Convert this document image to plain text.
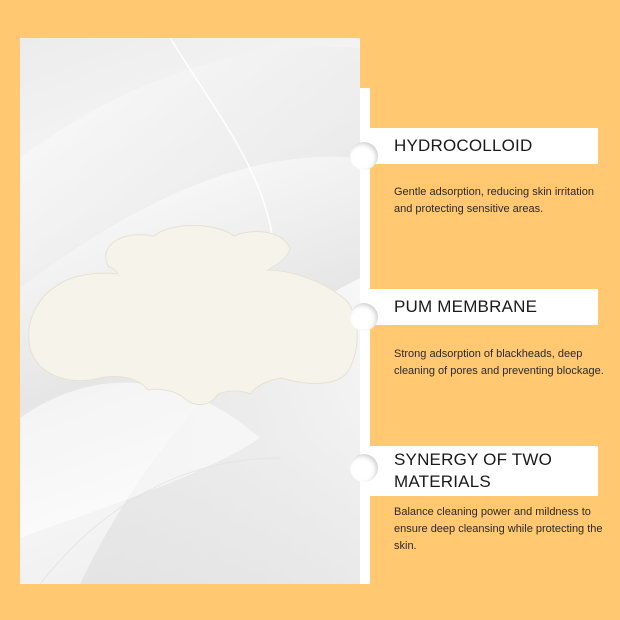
HYDROCOLLOID
Gentle adsorption, reducing skin irritation and protecting sensitive areas.
PUM MEMBRANE
Strong adsorption of blackheads, deep cleaning of pores and preventing blockage.
SYNERGY OF TWO MATERIALS
Balance cleaning power and mildness to ensure deep cleansing while protecting the skin.
